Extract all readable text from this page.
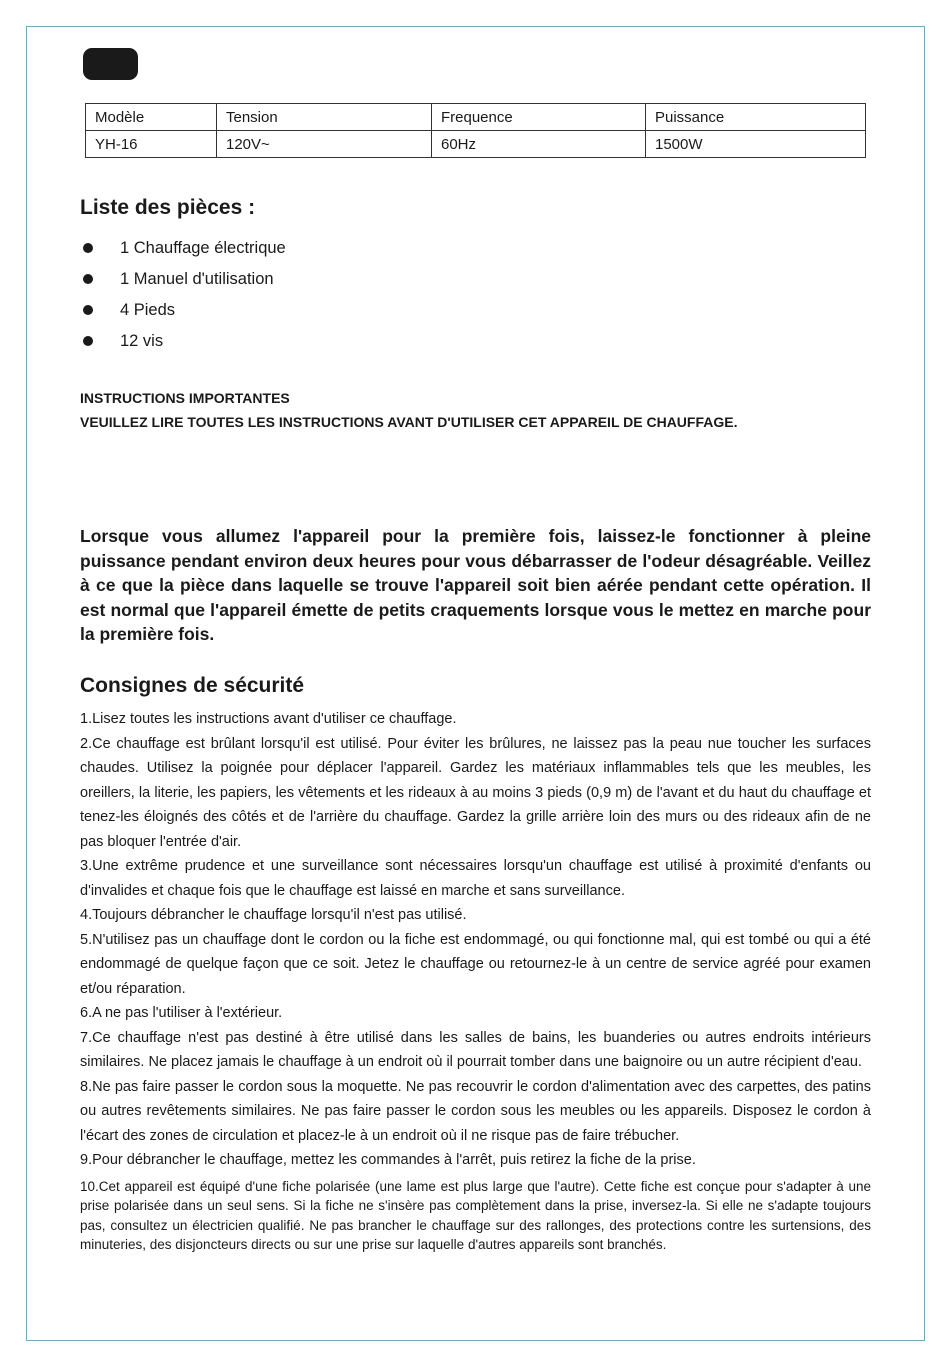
Modèle	Tension	Frequence	Puissance
YH-16	120V~	60Hz	1500W
Liste des pièces :
1 Chauffage électrique
1 Manuel d'utilisation
4 Pieds
12 vis
INSTRUCTIONS IMPORTANTES
VEUILLEZ LIRE TOUTES LES INSTRUCTIONS AVANT D'UTILISER CET APPAREIL DE CHAUFFAGE.

Lorsque vous allumez l'appareil pour la première fois, laissez-le fonctionner à pleine puissance pendant environ deux heures pour vous débarrasser de l'odeur désagréable. Veillez à ce que la pièce dans laquelle se trouve l'appareil soit bien aérée pendant cette opération. Il est normal que l'appareil émette de petits craquements lorsque vous le mettez en marche pour la première fois.

Consignes de sécurité

1.Lisez toutes les instructions avant d'utiliser ce chauffage.

2.Ce chauffage est brûlant lorsqu'il est utilisé. Pour éviter les brûlures, ne laissez pas la peau nue toucher les surfaces chaudes. Utilisez la poignée pour déplacer l'appareil. Gardez les matériaux inflammables tels que les meubles, les oreillers, la literie, les papiers, les vêtements et les rideaux à au moins 3 pieds (0,9 m) de l'avant et du haut du chauffage et tenez-les éloignés des côtés et de l'arrière du chauffage. Gardez la grille arrière loin des murs ou des rideaux afin de ne pas bloquer l'entrée d'air.

3.Une extrême prudence et une surveillance sont nécessaires lorsqu'un chauffage est utilisé à proximité d'enfants ou d'invalides et chaque fois que le chauffage est laissé en marche et sans surveillance.

4.Toujours débrancher le chauffage lorsqu'il n'est pas utilisé.

5.N'utilisez pas un chauffage dont le cordon ou la fiche est endommagé, ou qui fonctionne mal, qui est tombé ou qui a été endommagé de quelque façon que ce soit. Jetez le chauffage ou retournez-le à un centre de service agréé pour examen et/ou réparation.

6.A ne pas l'utiliser à l'extérieur.

7.Ce chauffage n'est pas destiné à être utilisé dans les salles de bains, les buanderies ou autres endroits intérieurs similaires. Ne placez jamais le chauffage à un endroit où il pourrait tomber dans une baignoire ou un autre récipient d'eau.

8.Ne pas faire passer le cordon sous la moquette. Ne pas recouvrir le cordon d'alimentation avec des carpettes, des patins ou autres revêtements similaires. Ne pas faire passer le cordon sous les meubles ou les appareils. Disposez le cordon à l'écart des zones de circulation et placez-le à un endroit où il ne risque pas de faire trébucher.

9.Pour débrancher le chauffage, mettez les commandes à l'arrêt, puis retirez la fiche de la prise.

10.Cet appareil est équipé d'une fiche polarisée (une lame est plus large que l'autre). Cette fiche est conçue pour s'adapter à une prise polarisée dans un seul sens. Si la fiche ne s'insère pas complètement dans la prise, inversez-la. Si elle ne s'adapte toujours pas, consultez un électricien qualifié. Ne pas brancher le chauffage sur des rallonges, des protections contre les surtensions, des minuteries, des disjoncteurs directs ou sur une prise sur laquelle d'autres appareils sont branchés.
